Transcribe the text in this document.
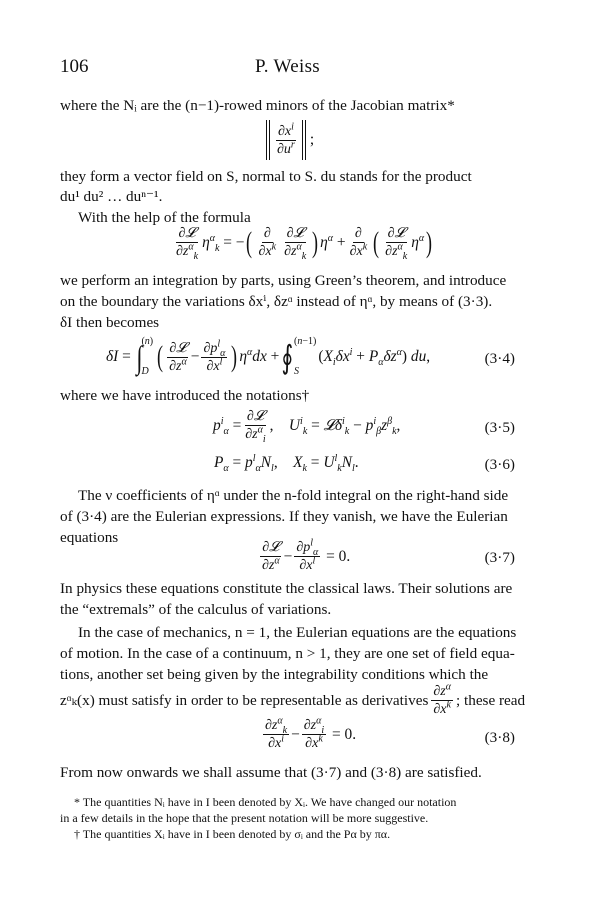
106	P. Weiss
where the Nᵢ are the (n−1)-rowed minors of the Jacobian matrix*
$\frac{\partial x^i}{\partial u^r}$ ;
they form a vector field on S, normal to S. du stands for the product
du¹ du² … duⁿ⁻¹.
With the help of the formula
$\frac{\text{∂𝓛}}{\partial z^\alpha_k} \eta^\alpha_k$ = − ( $\frac{\partial}{\partial x^k} \frac{\text{∂𝓛}}{\partial z^\alpha_k}$ ) $\eta^\alpha + \frac{\partial}{\partial x^k}$ ( $\frac{\text{∂𝓛}}{\partial z^\alpha_k} \eta^\alpha$ )
we perform an integration by parts, using Green’s theorem, and introduce
on the boundary the variations δxⁱ, δzᵅ instead of ηᵅ, by means of (3·3).
δI then becomes
δI = ∫ (n)
D ( $\frac{\text{∂𝓛}}{\partial z^\alpha} - \frac{\partial p^l_\alpha}{\partial x^l}$ ) $\eta^\alpha dx$ + ∮ (n−1)
S
( $X_i\delta x^i + P_\alpha\delta z^\alpha$ ) du ,	(3·4)
where we have introduced the notations†
$p^i_\alpha = \frac{\text{∂𝓛}}{\partial z^\alpha_i}$ , $U^i_k$ = 𝓛δ$^i_k$ − $p^i_\beta z^\beta_k$ ,	(3·5)
$P_\alpha = p^l_\alpha N_l$ , $X_k = U^l_kN_l$ .	(3·6)
The ν coefficients of ηᵅ under the n-fold integral on the right-hand side
of (3·4) are the Eulerian expressions. If they vanish, we have the Eulerian
equations
$\frac{\text{∂𝓛}}{\partial z^\alpha} - \frac{\partial p^l_\alpha}{\partial x^l} = 0$.	(3·7)
In physics these equations constitute the classical laws. Their solutions are
the “extremals” of the calculus of variations.
In the case of mechanics, n = 1, the Eulerian equations are the equations
of motion. In the case of a continuum, n > 1, they are one set of field equa-
tions, another set being given by the integrability conditions which the
zᵅₖ(x) must satisfy in order to be representable as derivatives $\frac{\partial z^\alpha}{\partial x^k}$ ; these read
$\frac{\partial z^\alpha_k}{\partial x^i} - \frac{\partial z^\alpha_i}{\partial x^k} = 0$.	(3·8)
From now onwards we shall assume that (3·7) and (3·8) are satisfied.
* The quantities Nᵢ have in I been denoted by Xᵢ. We have changed our notation
in a few details in the hope that the present notation will be more suggestive.
† The quantities Xᵢ have in I been denoted by σᵢ and the Pα by πα.
